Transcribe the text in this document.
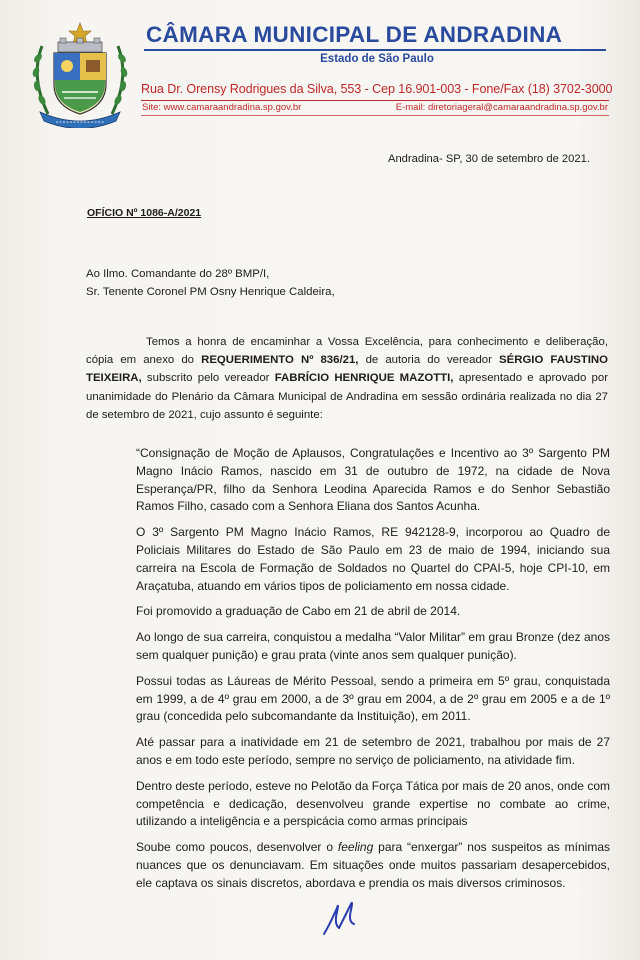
CÂMARA MUNICIPAL DE ANDRADINA
Estado de São Paulo
Rua Dr. Orensy Rodrigues da Silva, 553 - Cep 16.901-003 - Fone/Fax (18) 3702-3000
Site: www.camaraandradina.sp.gov.br	E-mail: diretoriageral@camaraandradina.sp.gov.br
Andradina- SP, 30 de setembro de 2021.
OFÍCIO Nº 1086-A/2021
Ao Ilmo. Comandante do 28º BMP/I,
Sr. Tenente Coronel PM Osny Henrique Caldeira,

Temos a honra de encaminhar a Vossa Excelência, para conhecimento e deliberação, cópia em anexo do REQUERIMENTO Nº 836/21, de autoria do vereador SÉRGIO FAUSTINO TEIXEIRA, subscrito pelo vereador FABRÍCIO HENRIQUE MAZOTTI, apresentado e aprovado por unanimidade do Plenário da Câmara Municipal de Andradina em sessão ordinária realizada no dia 27 de setembro de 2021, cujo assunto é seguinte:

“Consignação de Moção de Aplausos, Congratulações e Incentivo ao 3º Sargento PM Magno Inácio Ramos, nascido em 31 de outubro de 1972, na cidade de Nova Esperança/PR, filho da Senhora Leodina Aparecida Ramos e do Senhor Sebastião Ramos Filho, casado com a Senhora Eliana dos Santos Acunha.

O 3º Sargento PM Magno Inácio Ramos, RE 942128-9, incorporou ao Quadro de Policiais Militares do Estado de São Paulo em 23 de maio de 1994, iniciando sua carreira na Escola de Formação de Soldados no Quartel do CPAI-5, hoje CPI-10, em Araçatuba, atuando em vários tipos de policiamento em nossa cidade.

Foi promovido a graduação de Cabo em 21 de abril de 2014.

Ao longo de sua carreira, conquistou a medalha “Valor Militar” em grau Bronze (dez anos sem qualquer punição) e grau prata (vinte anos sem qualquer punição).

Possui todas as Láureas de Mérito Pessoal, sendo a primeira em 5º grau, conquistada em 1999, a de 4º grau em 2000, a de 3º grau em 2004, a de 2º grau em 2005 e a de 1º grau (concedida pelo subcomandante da Instituição), em 2011.

Até passar para a inatividade em 21 de setembro de 2021, trabalhou por mais de 27 anos e em todo este período, sempre no serviço de policiamento, na atividade fim.

Dentro deste período, esteve no Pelotão da Força Tática por mais de 20 anos, onde com competência e dedicação, desenvolveu grande expertise no combate ao crime, utilizando a inteligência e a perspicácia como armas principais

Soube como poucos, desenvolver o feeling para “enxergar” nos suspeitos as mínimas nuances que os denunciavam. Em situações onde muitos passariam desapercebidos, ele captava os sinais discretos, abordava e prendia os mais diversos criminosos.
